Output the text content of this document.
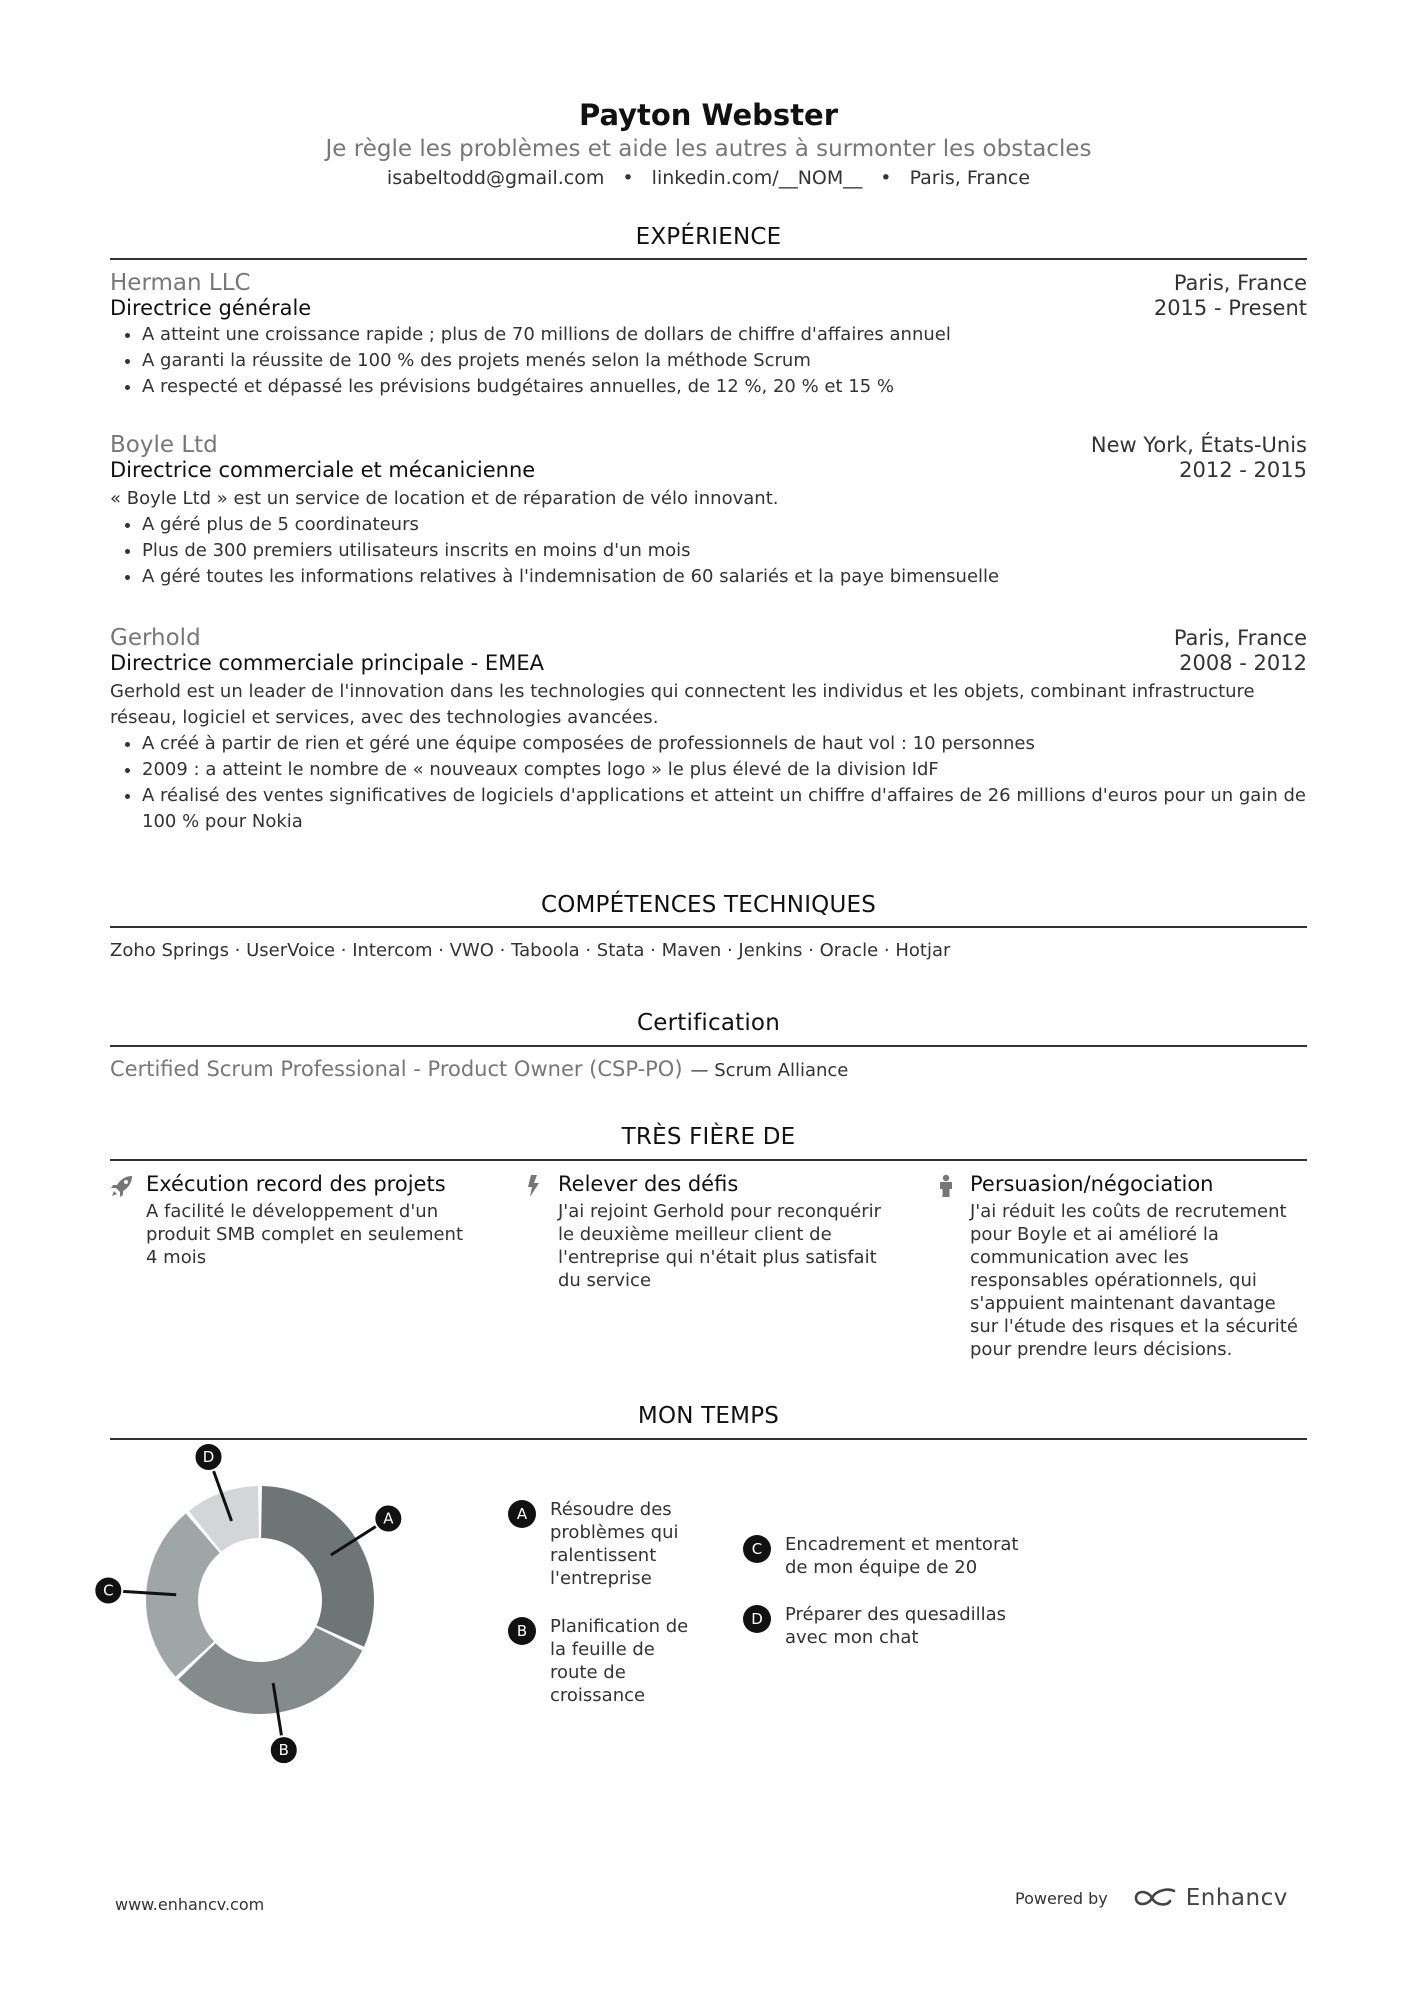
Payton Webster
Je règle les problèmes et aide les autres à surmonter les obstacles
isabeltodd@gmail.com • linkedin.com/__NOM__ • Paris, France
EXPÉRIENCE
Herman LLC	Paris, France
Directrice générale	2015 - Present
• A atteint une croissance rapide ; plus de 70 millions de dollars de chiffre d'affaires annuel
• A garanti la réussite de 100 % des projets menés selon la méthode Scrum
• A respecté et dépassé les prévisions budgétaires annuelles, de 12 %, 20 % et 15 %
Boyle Ltd	New York, États-Unis
Directrice commerciale et mécanicienne	2012 - 2015
« Boyle Ltd » est un service de location et de réparation de vélo innovant.
• A géré plus de 5 coordinateurs
• Plus de 300 premiers utilisateurs inscrits en moins d'un mois
• A géré toutes les informations relatives à l'indemnisation de 60 salariés et la paye bimensuelle
Gerhold	Paris, France
Directrice commerciale principale - EMEA	2008 - 2012
Gerhold est un leader de l'innovation dans les technologies qui connectent les individus et les objets, combinant infrastructure réseau, logiciel et services, avec des technologies avancées.
• A créé à partir de rien et géré une équipe composées de professionnels de haut vol : 10 personnes
• 2009 : a atteint le nombre de « nouveaux comptes logo » le plus élevé de la division IdF
• A réalisé des ventes significatives de logiciels d'applications et atteint un chiffre d'affaires de 26 millions d'euros pour un gain de 100 % pour Nokia
COMPÉTENCES TECHNIQUES
Zoho Springs · UserVoice · Intercom · VWO · Taboola · Stata · Maven · Jenkins · Oracle · Hotjar
Certification
Certified Scrum Professional - Product Owner (CSP-PO) — Scrum Alliance
TRÈS FIÈRE DE
Exécution record des projets
A facilité le développement d'un produit SMB complet en seulement 4 mois
Relever des défis
J'ai rejoint Gerhold pour reconquérir le deuxième meilleur client de l'entreprise qui n'était plus satisfait du service
Persuasion/négociation
J'ai réduit les coûts de recrutement pour Boyle et ai amélioré la communication avec les responsables opérationnels, qui s'appuient maintenant davantage sur l'étude des risques et la sécurité pour prendre leurs décisions.
MON TEMPS
A
B
C
D
A	Résoudre des problèmes qui ralentissent l'entreprise
B	Planification de la feuille de route de croissance
C	Encadrement et mentorat de mon équipe de 20
D	Préparer des quesadillas avec mon chat
www.enhancv.com	Powered by	Enhancv
